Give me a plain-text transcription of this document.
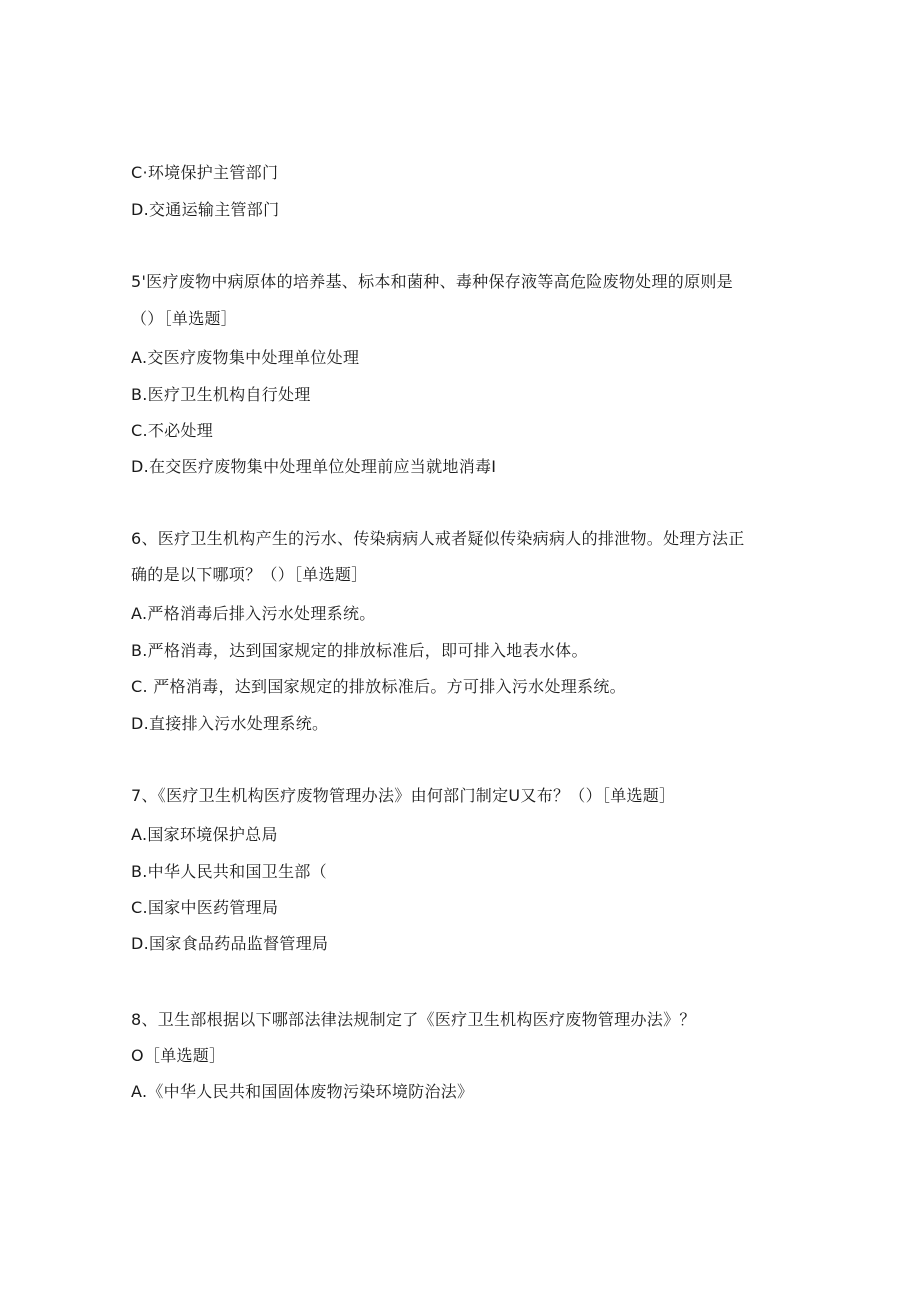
C·环境保护主管部门
D.交通运输主管部门
5'医疗废物中病原体的培养基、标本和菌种、毒种保存液等高危险废物处理的原则是
（）［单选题］
A.交医疗废物集中处理单位处理
B.医疗卫生机构自行处理
C.不必处理
D.在交医疗废物集中处理单位处理前应当就地消毒I
6、医疗卫生机构产生的污水、传染病病人戒者疑似传染病病人的排泄物。处理方法正
确的是以下哪项？（）［单选题］
A.严格消毒后排入污水处理系统。
B.严格消毒，达到国家规定的排放标准后，即可排入地表水体。
C. 严格消毒，达到国家规定的排放标准后。方可排入污水处理系统。
D.直接排入污水处理系统。
7、《医疗卫生机构医疗废物管理办法》由何部门制定U又布？（）［单选题］
A.国家环境保护总局
B.中华人民共和国卫生部（
C.国家中医药管理局
D.国家食品药品监督管理局
8、卫生部根据以下哪部法律法规制定了《医疗卫生机构医疗废物管理办法》？
O［单选题］
A.《中华人民共和国固体废物污染环境防治法》
